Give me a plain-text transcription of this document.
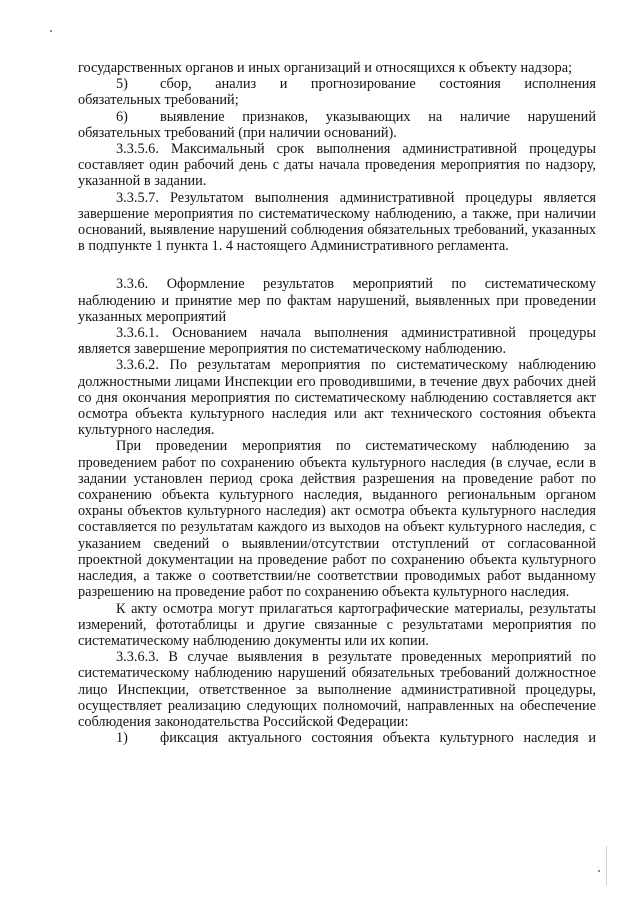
государственных органов и иных организаций и относящихся к объекту надзора;

5)	сбор, анализ и прогнозирование состояния исполнения

обязательных требований;

6)	выявление признаков, указывающих на наличие нарушений

обязательных требований (при наличии оснований).

3.3.5.6. Максимальный срок выполнения административной процедуры составляет один рабочий день с даты начала проведения мероприятия по надзору, указанной в задании.

3.3.5.7. Результатом выполнения административной процедуры является завершение мероприятия по систематическому наблюдению, а также, при наличии оснований, выявление нарушений соблюдения обязательных требований, указанных в подпункте 1 пункта 1. 4 настоящего Административного регламента.

3.3.6. Оформление результатов мероприятий по систематическому наблюдению и принятие мер по фактам нарушений, выявленных при проведении указанных мероприятий

3.3.6.1. Основанием начала выполнения административной процедуры является завершение мероприятия по систематическому наблюдению.

3.3.6.2. По результатам мероприятия по систематическому наблюдению должностными лицами Инспекции его проводившими, в течение двух рабочих дней со дня окончания мероприятия по систематическому наблюдению составляется акт осмотра объекта культурного наследия или акт технического состояния объекта культурного наследия.

При проведении мероприятия по систематическому наблюдению за проведением работ по сохранению объекта культурного наследия (в случае, если в задании установлен период срока действия разрешения на проведение работ по сохранению объекта культурного наследия, выданного региональным органом охраны объектов культурного наследия) акт осмотра объекта культурного наследия составляется по результатам каждого из выходов на объект культурного наследия, с указанием сведений о выявлении/отсутствии отступлений от согласованной проектной документации на проведение работ по сохранению объекта культурного наследия, а также о соответствии/не соответствии проводимых работ выданному разрешению на проведение работ по сохранению объекта культурного наследия.

К акту осмотра могут прилагаться картографические материалы, результаты измерений, фототаблицы и другие связанные с результатами мероприятия по систематическому наблюдению документы или их копии.

3.3.6.3. В случае выявления в результате проведенных мероприятий по систематическому наблюдению нарушений обязательных требований должностное лицо Инспекции, ответственное за выполнение административной процедуры, осуществляет реализацию следующих полномочий, направленных на обеспечение соблюдения законодательства Российской Федерации:

1)	фиксация актуального состояния объекта культурного наследия и
